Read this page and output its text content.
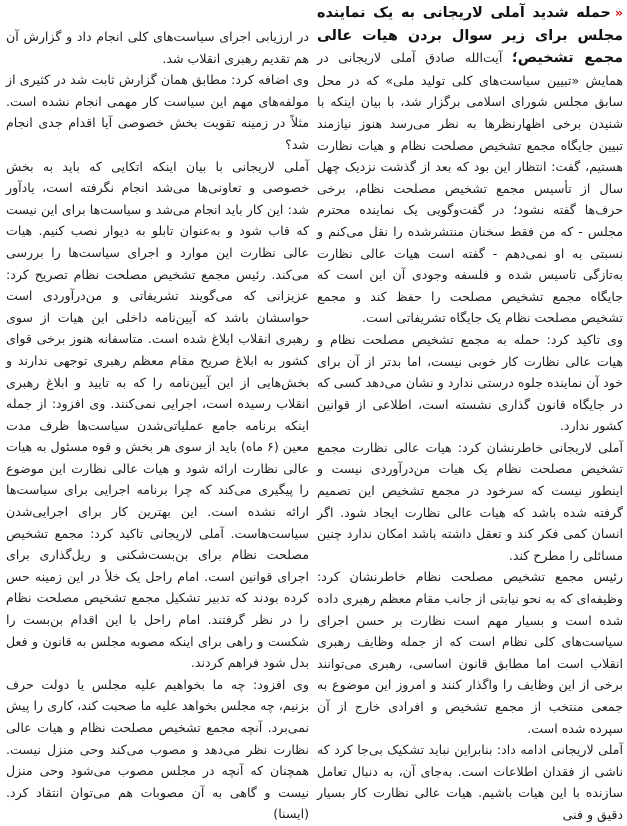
«حمله شدید آملی لاریجانی به یک نماینده مجلس برای زیر سوال بردن هیات عالی مجمع تشخیص؛ آیت‌الله صادق آملی لاریجانی در همایش «تبیین سیاست‌های کلی تولید ملی» که در محل سابق مجلس شورای اسلامی برگزار شد، با بیان اینکه با شنیدن برخی اظهارنظرها به نظر می‌رسد هنوز نیازمند تبیین جایگاه مجمع تشخیص مصلحت نظام و هیات نظارت هستیم، گفت: انتظار این بود که بعد از گذشت نزدیک چهل سال از تأسیس مجمع تشخیص مصلحت نظام، برخی حرف‌ها گفته نشود؛ در گفت‌وگویی یک نماینده محترم مجلس - که من فقط سخنان منتشرشده را نقل می‌کنم و نسبتی به او نمی‌دهم - گفته است هیات عالی نظارت به‌تازگی تاسیس شده و فلسفه وجودی آن این است که جایگاه مجمع تشخیص مصلحت را حفظ کند و مجمع تشخیص مصلحت نظام یک جایگاه تشریفاتی است.

وی تاکید کرد: حمله به مجمع تشخیص مصلحت نظام و هیات عالی نظارت کار خوبی نیست، اما بدتر از آن برای خود آن نماینده جلوه درستی ندارد و نشان می‌دهد کسی که در جایگاه قانون گذاری نشسته است، اطلاعی از قوانین کشور ندارد.

آملی لاریجانی خاطرنشان کرد: هیات عالی نظارت مجمع تشخیص مصلحت نظام یک هیات من‌درآوردی نیست و اینطور نیست که سرخود در مجمع تشخیص این تصمیم گرفته شده باشد که هیات عالی نظارت ایجاد شود. اگر انسان کمی فکر کند و تعقل داشته باشد امکان ندارد چنین مسائلی را مطرح کند.

رئیس مجمع تشخیص مصلحت نظام خاطرنشان کرد: وظیفه‌ای که به نحو نیابتی از جانب مقام معظم رهبری داده شده است و بسیار مهم است نظارت بر حسن اجرای سیاست‌های کلی نظام است که از جمله وظایف رهبری انقلاب است اما مطابق قانون اساسی، رهبری می‌توانند برخی از این وظایف را واگذار کنند و امروز این موضوع به جمعی منتخب از مجمع تشخیص و افرادی خارج از آن سپرده شده است.

آملی لاریجانی ادامه داد: بنابراین نباید تشکیک بی‌جا کرد که ناشی از فقدان اطلاعات است. به‌جای آن، به دنبال تعامل سازنده با این هیات باشیم. هیات عالی نظارت کار بسیار دقیق و فنی

در ارزیابی اجرای سیاست‌های کلی انجام داد و گزارش آن هم تقدیم رهبری انقلاب شد.

وی اضافه کرد: مطابق همان گزارش ثابت شد در کثیری از مولفه‌های مهم این سیاست کار مهمی انجام نشده است. مثلاً در زمینه تقویت بخش خصوصی آیا اقدام جدی انجام شد؟

آملی لاریجانی با بیان اینکه اتکایی که باید به بخش خصوصی و تعاونی‌ها می‌شد انجام نگرفته است، یادآور شد: این کار باید انجام می‌شد و سیاست‌ها برای این نیست که قاب شود و به‌عنوان تابلو به دیوار نصب کنیم. هیات عالی نظارت این موارد و اجرای سیاست‌ها را بررسی می‌کند. رئیس مجمع تشخیص مصلحت نظام تصریح کرد: عزیزانی که می‌گویند تشریفاتی و من‌درآوردی است حواسشان باشد که آیین‌نامه داخلی این هیات از سوی رهبری انقلاب ابلاغ شده است. متاسفانه هنوز برخی قوای کشور به ابلاغ صریح مقام معظم رهبری توجهی ندارند و بخش‌هایی از این آیین‌نامه را که به تایید و ابلاغ رهبری انقلاب رسیده است، اجرایی نمی‌کنند. وی افزود: از جمله اینکه برنامه جامع عملیاتی‌شدن سیاست‌ها ظرف مدت معین (۶ ماه) باید از سوی هر بخش و قوه مسئول به هیات عالی نظارت ارائه شود و هیات عالی نظارت این موضوع را پیگیری می‌کند که چرا برنامه اجرایی برای سیاست‌ها ارائه نشده است. این بهترین کار برای اجرایی‌شدن سیاست‌هاست. آملی لاریجانی تاکید کرد: مجمع تشخیص مصلحت نظام برای بن‌بست‌شکنی و ریل‌گذاری برای اجرای قوانین است. امام راحل یک خلأ در این زمینه حس کرده بودند که تدبیر تشکیل مجمع تشخیص مصلحت نظام را در نظر گرفتند. امام راحل با این اقدام بن‌بست را شکست و راهی برای اینکه مصوبه مجلس به قانون و فعل بدل شود فراهم کردند.

وی افزود: چه ما بخواهیم علیه مجلس یا دولت حرف بزنیم، چه مجلس بخواهد علیه ما صحبت کند، کاری را پیش نمی‌برد. آنچه مجمع تشخیص مصلحت نظام و هیات عالی نظارت نظر می‌دهد و مصوب می‌کند وحی منزل نیست. همچنان که آنچه در مجلس مصوب می‌شود وحی منزل نیست و گاهی به آن مصوبات هم می‌توان انتقاد کرد. (ایسنا)
